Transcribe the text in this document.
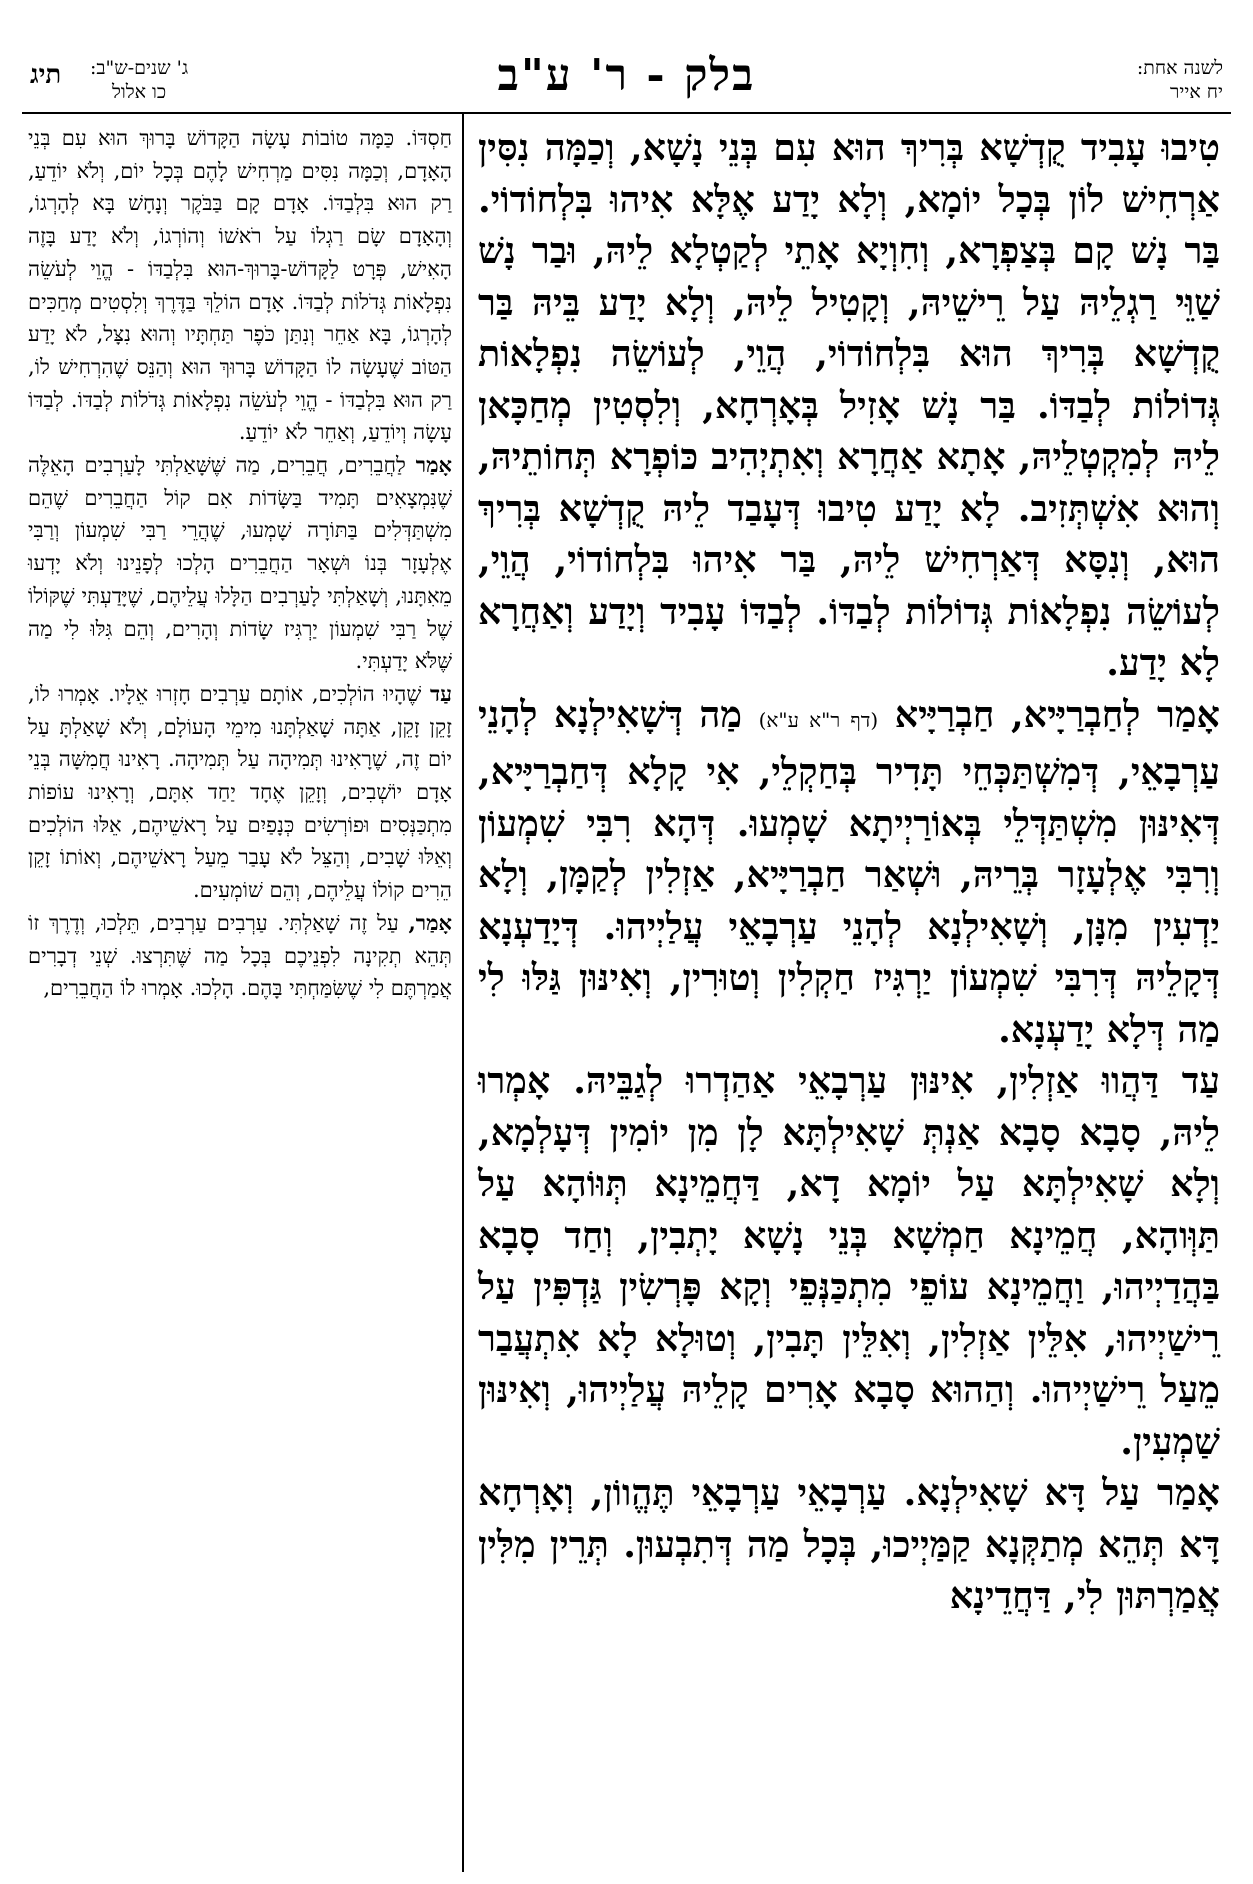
לשנה אחת:
יח אייר
בלק - ר' ע"ב
ג' שנים-ש"ב:
כו אלול
תיג

טִיבוּ עָבִיד קֻדְשָׁא בְּרִיךְ הוּא עִם בְּנֵי נָשָׁא, וְכַמָּה נִסִּין אַרְחִישׁ לוֹן בְּכָל יוֹמָא, וְלָא יָדַע אֶלָּא אִיהוּ בִּלְחוֹדוֹי. בַּר נָשׁ קָם בְּצַפְרָא, וְחִוְיָא אָתֵי לְקַטְלָא לֵיהּ, וּבַר נָשׁ שַׁוֵּי רַגְלֵיהּ עַל רֵישֵׁיהּ, וְקָטִיל לֵיהּ, וְלָא יָדַע בֵּיהּ בַּר קֻדְשָׁא בְּרִיךְ הוּא בִּלְחוֹדוֹי, הֲוֵי, לְעוֹשֵׂה נִפְלָאוֹת גְּדוֹלוֹת לְבַדּוֹ. בַּר נָשׁ אָזִיל בְּאָרְחָא, וְלִסְטִין מְחַכָּאן לֵיהּ לְמִקְטְלֵיהּ, אָתָא אַחֲרָא וְאִתְיְהִיב כּוֹפְרָא תְּחוֹתֵיהּ, וְהוּא אִשְׁתְּזִיב. לָא יָדַע טִיבוּ דְּעָבַד לֵיהּ קֻדְשָׁא בְּרִיךְ הוּא, וְנִסָּא דְּאַרְחִישׁ לֵיהּ, בַּר אִיהוּ בִּלְחוֹדוֹי, הֲוֵי, לְעוֹשֵׂה נִפְלָאוֹת גְּדוֹלוֹת לְבַדּוֹ. לְבַדּוֹ עָבִיד וְיָדַע וְאַחֲרָא לָא יָדַע.

אָמַר לְחַבְרַיָּיא, חַבְרַיָּיא (דף ר"א ע"א) מַה דְּשָׁאִילְנָא לְהָנֵי עַרְבָאֵי, דְּמִשְׁתַּכְּחֵי תָּדִיר בְּחַקְלֵי, אִי קָלָא דְּחַבְרַיָּיא, דְּאִינּוּן מִשְׁתַּדְּלֵי בְּאוֹרַיְיתָא שָׁמְעוּ. דְּהָא רִבִּי שִׁמְעוֹן וְרִבִּי אֶלְעָזָר בְּרֵיהּ, וּשְׁאַר חַבְרַיָּיא, אַזְלִין לְקַמָּן, וְלָא יַדְעִין מִנָּן, וְשָׁאִילְנָא לְהָנֵי עַרְבָאֵי עֲלַיְיהוּ. דְּיָדַעְנָא דְּקָלֵיהּ דְּרִבִּי שִׁמְעוֹן יַרְגִּיז חַקְלִין וְטוּרִין, וְאִינּוּן גַּלּוּ לִי מַה דְּלָא יָדַעְנָא.

עַד דַּהֲווּ אַזְלִין, אִינּוּן עַרְבָאֵי אַהַדְרוּ לְגַבֵּיהּ. אָמְרוּ לֵיהּ, סָבָא סָבָא אַנְתְּ שָׁאִילְתָּא לָן מִן יוֹמִין דְּעָלְמָא, וְלָא שָׁאִילְתָּא עַל יוֹמָא דָא, דַּחֲמֵינָא תְּוּוֹהָא עַל תַּוְּוהָא, חֲמֵינָא חַמְשָׁא בְּנֵי נָשָׁא יָתְבִין, וְחַד סָבָא בַּהֲדַיְיהוּ, וַחֲמֵינָא עוֹפֵי מִתְכַּנְּפֵי וְקָא פָּרְשִׂין גַּדְפִּין עַל רֵישַׁיְיהוּ, אִלֵּין אַזְלִין, וְאִלֵּין תָּבִין, וְטוּלָא לָא אִתְעֲבַר מֵעַל רֵישַׁיְיהוּ. וְהַהוּא סָבָא אָרִים קָלֵיהּ עֲלַיְיהוּ, וְאִינּוּן שַׁמְעִין.

אָמַר עַל דָּא שָׁאִילְנָא. עַרְבָאֵי עַרְבָאֵי תֶּהֱווֹן, וְאָרְחָא דָּא תְּהֵא מְתַקְּנָא קַמַּיְיכוּ, בְּכָל מַה דְּתִבְעוּן. תְּרֵין מִלִּין אֲמַרְתּוּן לִי, דַּחֲדֵינָא

חַסְדּוֹ. כַּמָּה טוֹבוֹת עָשָׂה הַקָּדוֹשׁ בָּרוּךְ הוּא עִם בְּנֵי הָאָדָם, וְכַמָּה נִסִּים מַרְחִישׁ לָהֶם בְּכָל יוֹם, וְלֹא יוֹדֵעַ, רַק הוּא בִּלְבַדּוֹ. אָדָם קָם בַּבֹּקֶר וְנָחָשׁ בָּא לְהָרְגוֹ, וְהָאָדָם שָׂם רַגְלוֹ עַל רֹאשׁוֹ וְהוֹרְגוֹ, וְלֹא יָדַע בָּזֶה הָאִישׁ, פְּרָט לַקָּדוֹשׁ-בָּרוּךְ-הוּא בִּלְבַדּוֹ - הֱוֵי לְעֹשֵׂה נִפְלָאוֹת גְּדֹלוֹת לְבַדּוֹ. אָדָם הוֹלֵךְ בַּדֶּרֶךְ וְלִסְטִים מְחַכִּים לְהָרְגוֹ, בָּא אַחֵר וְנִתַּן כֹּפֶר תַּחְתָּיו וְהוּא נִצָּל, לֹא יָדַע הַטּוֹב שֶׁעָשָׂה לוֹ הַקָּדוֹשׁ בָּרוּךְ הוּא וְהַנֵּס שֶׁהִרְחִישׁ לוֹ, רַק הוּא בִּלְבַדּוֹ - הֱוֵי לְעֹשֵׂה נִפְלָאוֹת גְּדֹלוֹת לְבַדּוֹ. לְבַדּוֹ עָשָׂה וְיוֹדֵעַ, וְאַחֵר לֹא יוֹדֵעַ.

אָמַר לַחֲבֵרִים, חֲבֵרִים, מַה שֶּׁשָּׁאַלְתִּי לָעַרְבִים הָאֵלֶּה שֶׁנִּמְצָאִים תָּמִיד בַּשָּׂדוֹת אִם קוֹל הַחֲבֵרִים שֶׁהֵם מִשְׁתַּדְּלִים בַּתּוֹרָה שָׁמְעוּ, שֶׁהֲרֵי רַבִּי שִׁמְעוֹן וְרַבִּי אֶלְעָזָר בְּנוֹ וּשְׁאָר הַחֲבֵרִים הָלְכוּ לְפָנֵינוּ וְלֹא יָדְעוּ מֵאִתָּנוּ, וְשָׁאַלְתִּי לָעַרְבִים הַלָּלוּ עֲלֵיהֶם, שֶׁיָּדַעְתִּי שֶׁקּוֹלוֹ שֶׁל רַבִּי שִׁמְעוֹן יַרְגִּיז שָׂדוֹת וְהָרִים, וְהֵם גִּלּוּ לִי מַה שֶּׁלֹּא יָדַעְתִּי.

עַד שֶׁהָיוּ הוֹלְכִים, אוֹתָם עַרְבִים חָזְרוּ אֵלָיו. אָמְרוּ לוֹ, זָקֵן זָקֵן, אַתָּה שָׁאַלְתָּנוּ מִימֵי הָעוֹלָם, וְלֹא שָׁאַלְתָּ עַל יוֹם זֶה, שֶׁרָאִינוּ תְּמִיהָה עַל תְּמִיהָה. רָאִינוּ חֲמִשָּׁה בְּנֵי אָדָם יוֹשְׁבִים, וְזָקֵן אֶחָד יַחַד אִתָּם, וְרָאִינוּ עוֹפוֹת מִתְכַּנְּסִים וּפוֹרְשִׂים כְּנָפַיִם עַל רָאשֵׁיהֶם, אֵלּוּ הוֹלְכִים וְאֵלּוּ שָׁבִים, וְהַצֵּל לֹא עָבַר מֵעַל רָאשֵׁיהֶם, וְאוֹתוֹ זָקֵן הֵרִים קוֹלוֹ עֲלֵיהֶם, וְהֵם שׁוֹמְעִים.

אָמַר, עַל זֶה שָׁאַלְתִּי. עַרְבִים עַרְבִים, תֵּלְכוּ, וְדֶרֶךְ זוֹ תְּהֵא תְקִינָה לִפְנֵיכֶם בְּכָל מַה שֶּׁתִּרְצוּ. שְׁנֵי דְבָרִים אֲמַרְתֶּם לִי שֶׁשִּׂמַּחְתִּי בָּהֶם. הָלְכוּ. אָמְרוּ לוֹ הַחֲבֵרִים,
